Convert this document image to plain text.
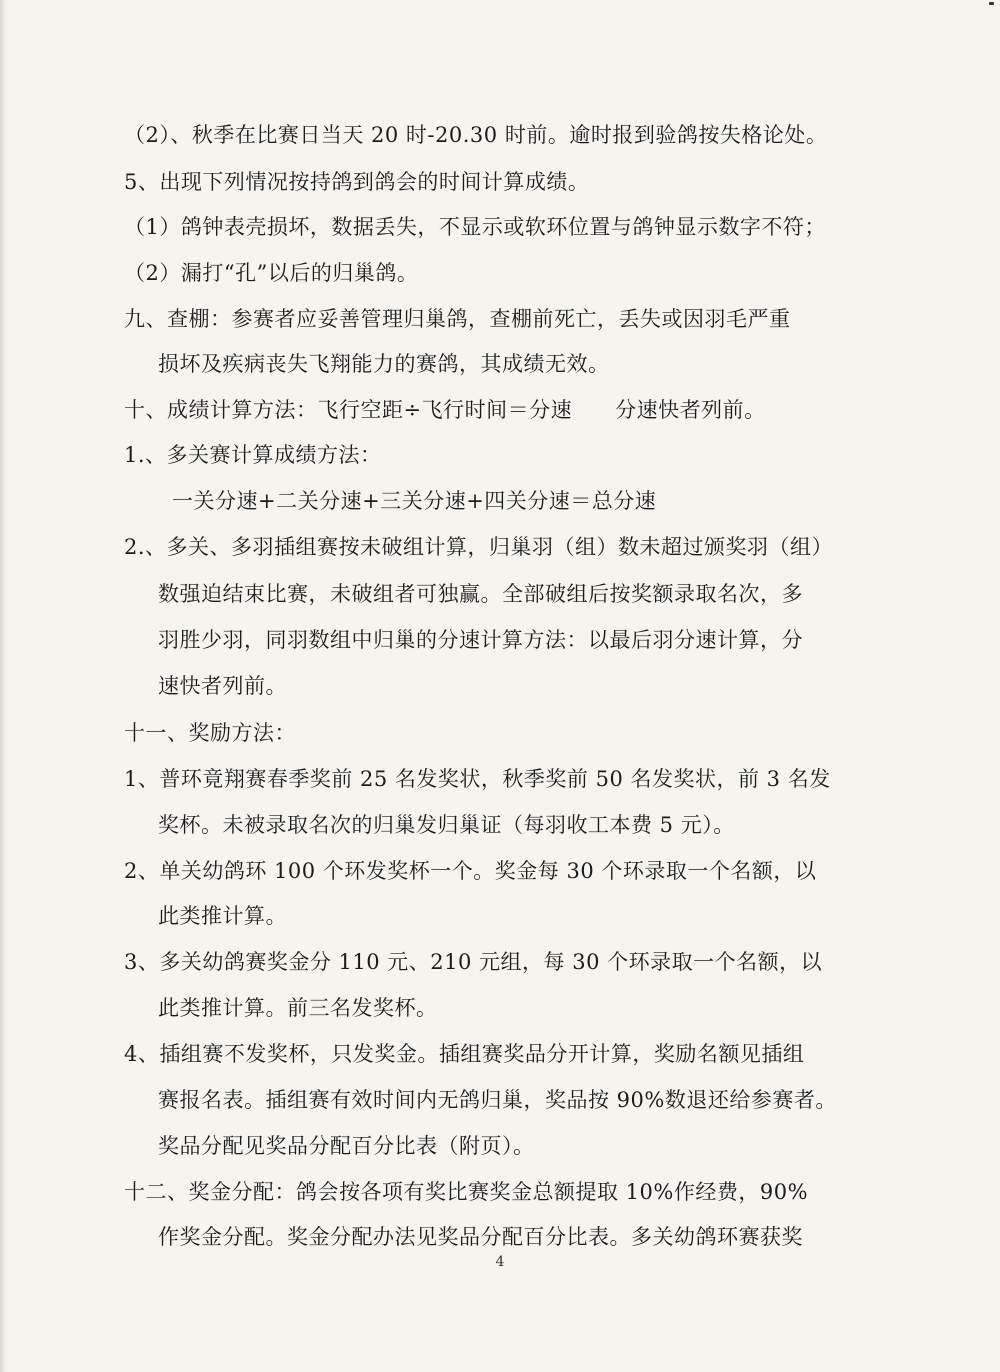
（2）、秋季在比赛日当天 20 时-20.30 时前。逾时报到验鸽按失格论处。
5、出现下列情况按持鸽到鸽会的时间计算成绩。
（1）鸽钟表壳损坏，数据丢失，不显示或软环位置与鸽钟显示数字不符；
（2）漏打“孔”以后的归巢鸽。
九、查棚：参赛者应妥善管理归巢鸽，查棚前死亡，丢失或因羽毛严重
损坏及疾病丧失飞翔能力的赛鸽，其成绩无效。
十、成绩计算方法：飞行空距÷飞行时间＝分速　　分速快者列前。
1.、多关赛计算成绩方法：
一关分速+二关分速+三关分速+四关分速＝总分速
2.、多关、多羽插组赛按未破组计算，归巢羽（组）数未超过颁奖羽（组）
数强迫结束比赛，未破组者可独赢。全部破组后按奖额录取名次，多
羽胜少羽，同羽数组中归巢的分速计算方法：以最后羽分速计算，分
速快者列前。
十一、奖励方法：
1、普环竟翔赛春季奖前 25 名发奖状，秋季奖前 50 名发奖状，前 3 名发
奖杯。未被录取名次的归巢发归巢证（每羽收工本费 5 元）。
2、单关幼鸽环 100 个环发奖杯一个。奖金每 30 个环录取一个名额，以
此类推计算。
3、多关幼鸽赛奖金分 110 元、210 元组，每 30 个环录取一个名额，以
此类推计算。前三名发奖杯。
4、插组赛不发奖杯，只发奖金。插组赛奖品分开计算，奖励名额见插组
赛报名表。插组赛有效时间内无鸽归巢，奖品按 90%数退还给参赛者。
奖品分配见奖品分配百分比表（附页）。
十二、奖金分配：鸽会按各项有奖比赛奖金总额提取 10%作经费，90%
作奖金分配。奖金分配办法见奖品分配百分比表。多关幼鸽环赛获奖
4
